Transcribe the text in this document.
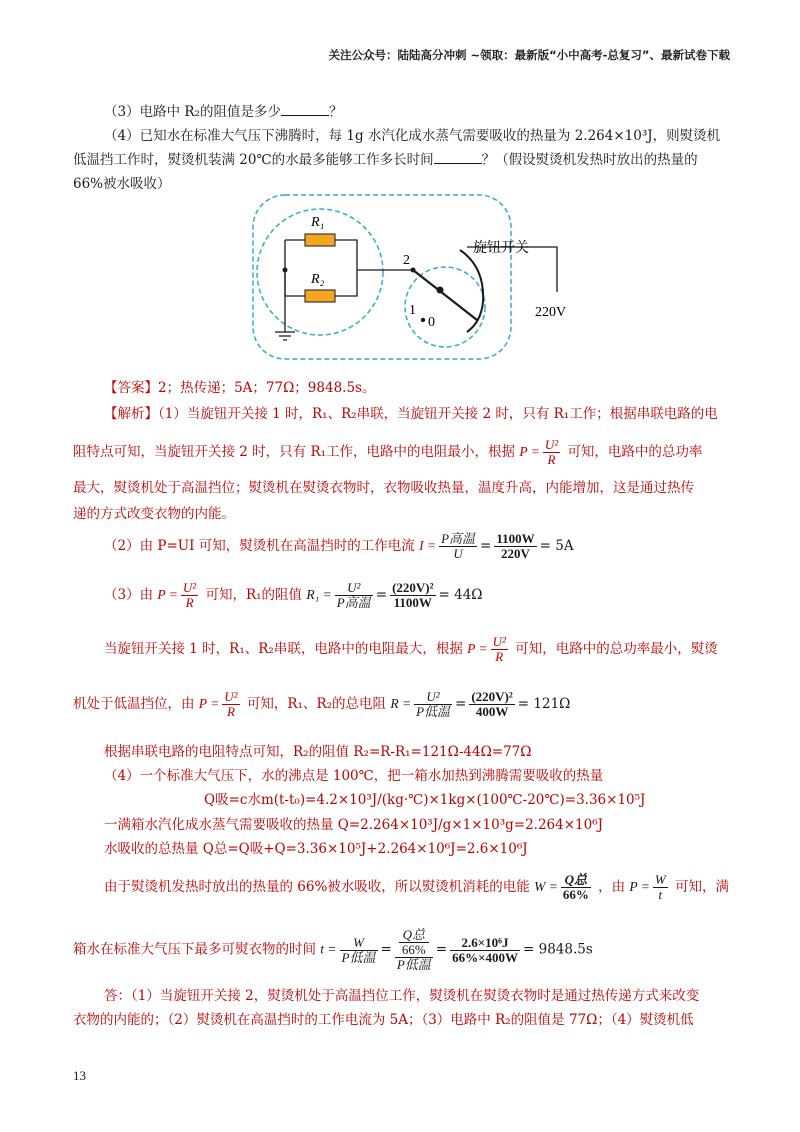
关注公众号：陆陆高分冲刺 ~领取：最新版“小中高考-总复习”、最新试卷下载
（3）电路中 R₂的阻值是多少	？
（4）已知水在标准大气压下沸腾时，每 1g 水汽化成水蒸气需要吸收的热量为 2.264×10³J，则熨烫机
低温挡工作时，熨烫机装满 20℃的水最多能够工作多长时间	？（假设熨烫机发热时放出的热量的
66%被水吸收）
R₁
R₂
2
1
0
旋钮开关
220V
【答案】2；热传递；5A；77Ω；9848.5s。
【解析】（1）当旋钮开关接 1 时，R₁、R₂串联，当旋钮开关接 2 时，只有 R₁工作；根据串联电路的电
阻特点可知，当旋钮开关接 2 时，只有 R₁工作，电路中的电阻最小，根据 $P = \frac{\text{U²}}{R}$ 可知，电路中的总功率
最大，熨烫机处于高温挡位；熨烫机在熨烫衣物时，衣物吸收热量，温度升高，内能增加，这是通过热传
递的方式改变衣物的内能。
（2）由 P=UI 可知，熨烫机在高温挡时的工作电流 $I = \frac{\text{P高温}}{U} = \frac{1100W}{220V} = 5A$
（3）由 $P = \frac{\text{U²}}{R}$ 可知，R₁的阻值 $R_1 = \frac{\text{U²}}{\text{P高温}} = \frac{\text{(220V)²}}{1100W} = 44\Omega$
当旋钮开关接 1 时，R₁、R₂串联，电路中的电阻最大，根据 $P = \frac{\text{U²}}{R}$ 可知，电路中的总功率最小，熨烫
机处于低温挡位，由 $P = \frac{\text{U²}}{R}$ 可知，R₁、R₂的总电阻 $R = \frac{\text{U²}}{\text{P低温}} = \frac{\text{(220V)²}}{400W} = 121\Omega$
根据串联电路的电阻特点可知，R₂的阻值 R₂=R-R₁=121Ω-44Ω=77Ω
（4）一个标准大气压下，水的沸点是 100℃，把一箱水加热到沸腾需要吸收的热量
Q吸=c水m(t-t₀)=4.2×10³J/(kg·℃)×1kg×(100℃-20℃)=3.36×10⁵J
一满箱水汽化成水蒸气需要吸收的热量 Q=2.264×10³J/g×1×10³g=2.264×10⁶J
水吸收的总热量 Q总=Q吸+Q=3.36×10⁵J+2.264×10⁶J=2.6×10⁶J
由于熨烫机发热时放出的热量的 66%被水吸收，所以熨烫机消耗的电能 $W = \frac{\text{Q总}}{66\%}$ ，由 $P = \frac{W}{t}$ 可知，满
箱水在标准大气压下最多可熨衣物的时间 $t = \frac{W}{\text{P低温}} = Q$总
66%
P低温 = $\frac{\text{2.6×10⁶J}}{66\%\times 400W} = 9848.5s$
答：（1）当旋钮开关接 2，熨烫机处于高温挡位工作，熨烫机在熨烫衣物时是通过热传递方式来改变
衣物的内能的；（2）熨烫机在高温挡时的工作电流为 5A；（3）电路中 R₂的阻值是 77Ω；（4）熨烫机低
13
